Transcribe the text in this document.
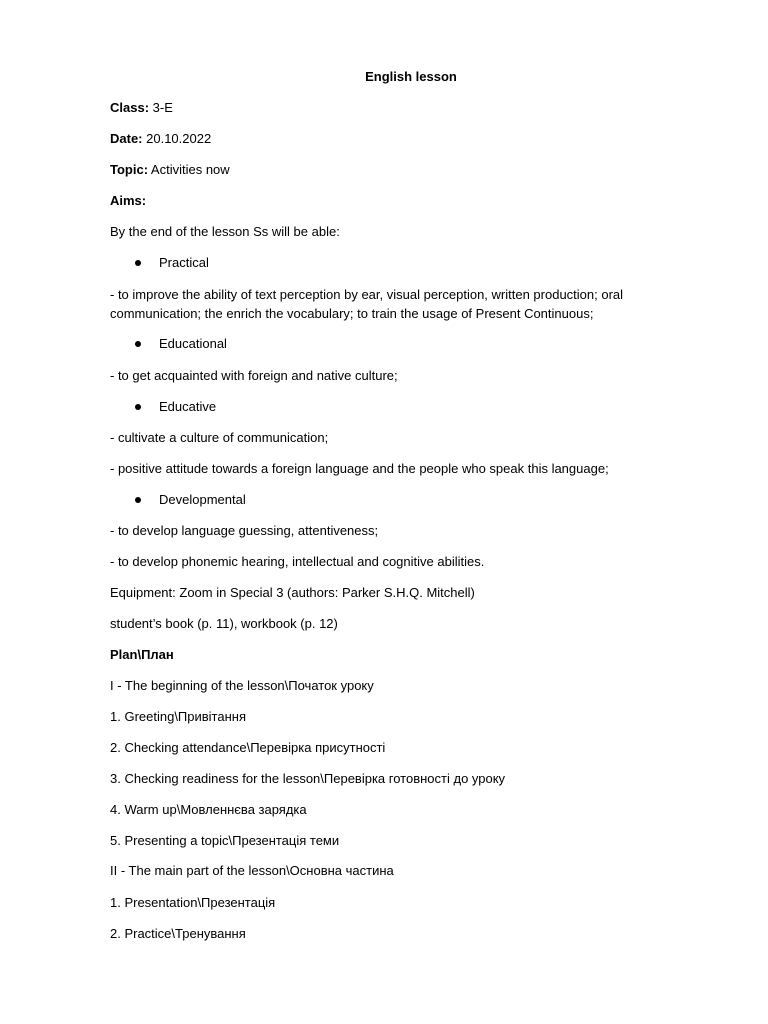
English lesson
Class: 3-E
Date: 20.10.2022
Topic: Activities now
Aims:
By the end of the lesson Ss will be able:
Practical
- to improve the ability of text perception by ear, visual perception, written production; oral communication; the enrich the vocabulary; to train the usage of Present Continuous;
Educational
- to get acquainted with foreign and native culture;
Educative
- cultivate a culture of communication;
- positive attitude towards a foreign language and the people who speak this language;
Developmental
- to develop language guessing, attentiveness;
- to develop phonemic hearing, intellectual and cognitive abilities.
Equipment: Zoom in Special 3 (authors: Parker S.H.Q. Mitchell)
student’s book (p. 11), workbook (p. 12)
Plan\План
I - The beginning of the lesson\Початок уроку
1. Greeting\Привітання
2. Checking attendance\Перевірка присутності
3. Checking readiness for the lesson\Перевірка готовності до уроку
4. Warm up\Мовленнєва зарядка
5. Presenting a topic\Презентація теми
II - The main part of the lesson\Основна частина
1. Presentation\Презентація
2. Practice\Тренування
